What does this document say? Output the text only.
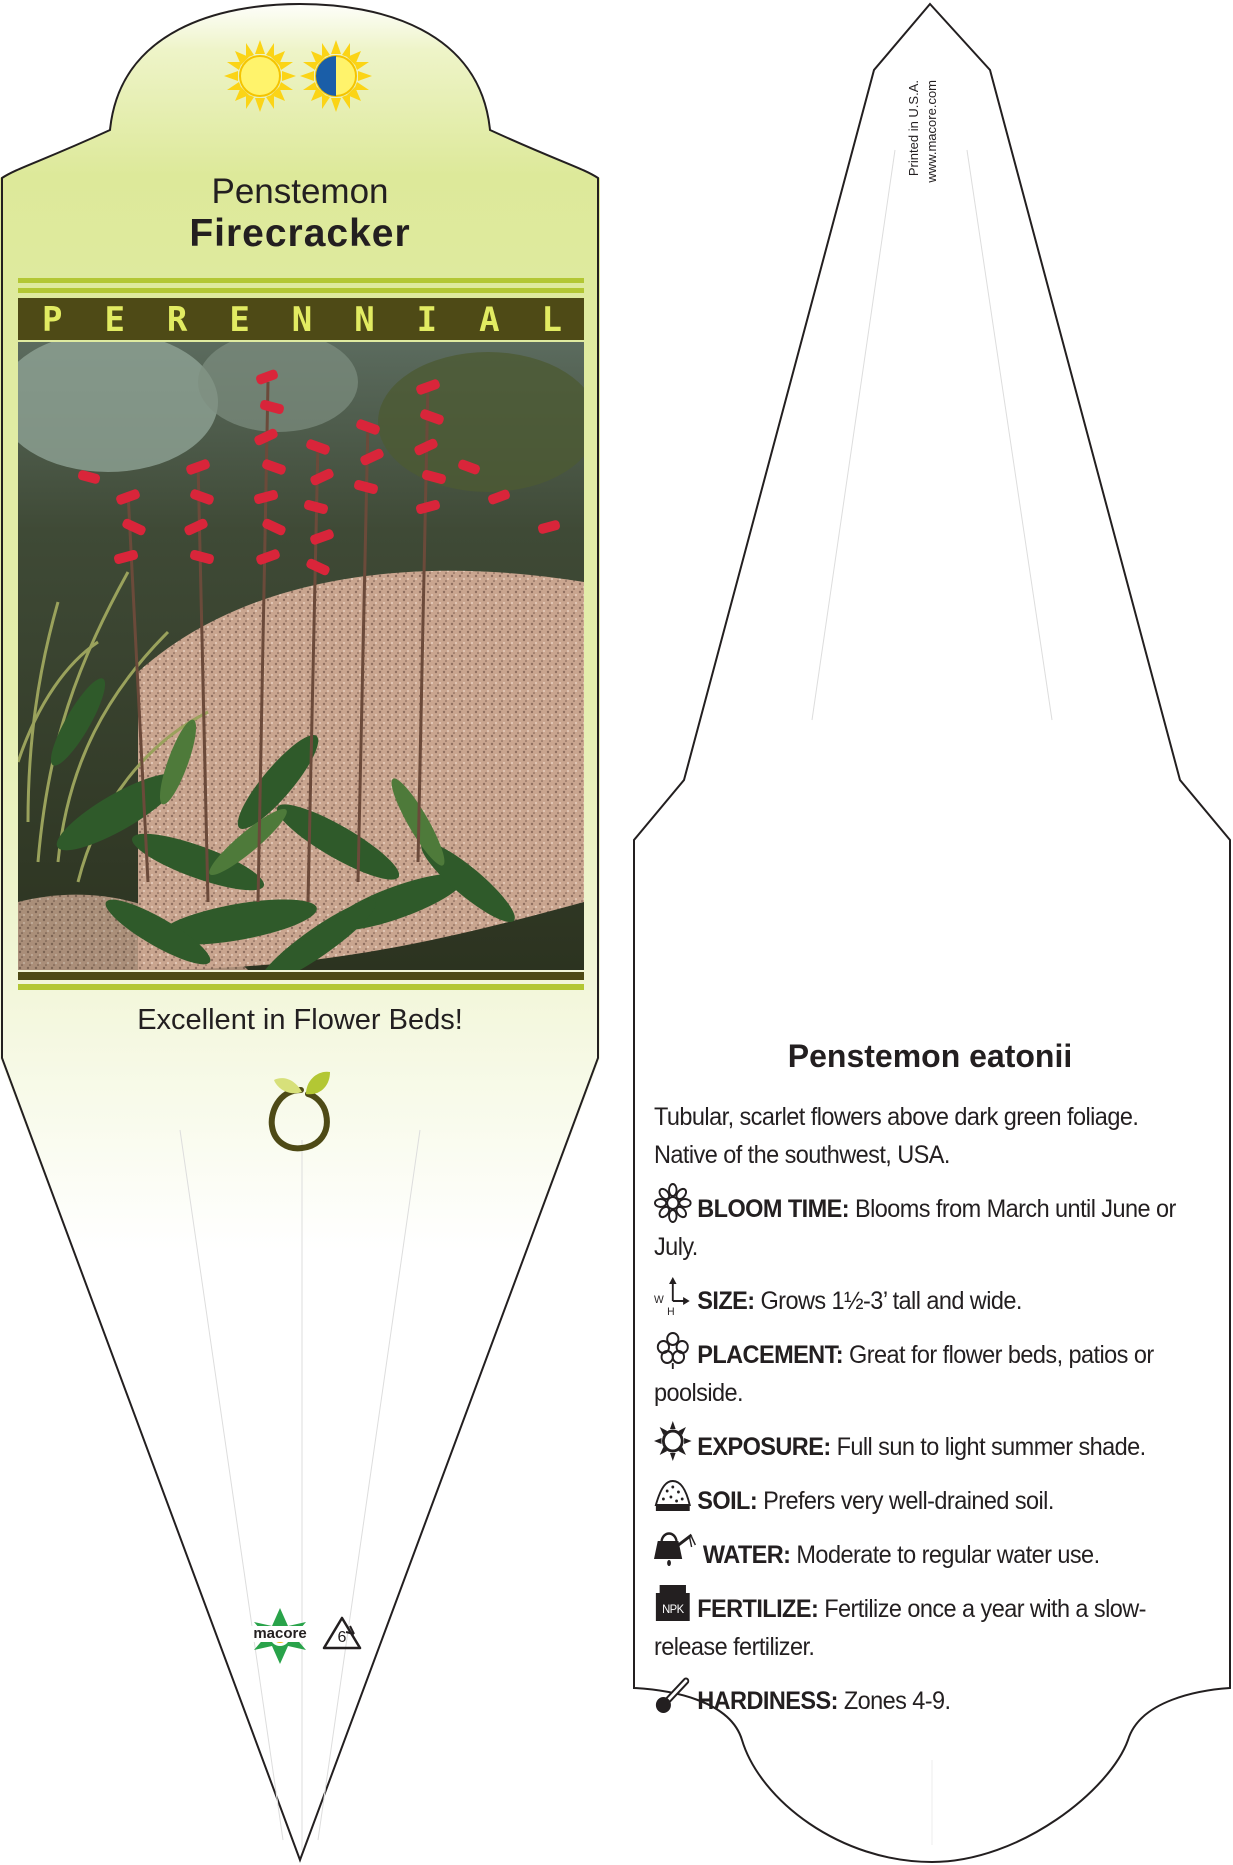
Penstemon
Firecracker
P E R E N N I A L
Excellent in Flower Beds!
macore	6
Printed in U.S.A. www.macore.com
Penstemon eatonii
Tubular, scarlet flowers above dark green foliage. Native of the southwest, USA.
BLOOM TIME: Blooms from March until June or July.
W
H SIZE: Grows 1½-3’ tall and wide.
PLACEMENT: Great for flower beds, patios or poolside.
EXPOSURE: Full sun to light summer shade.
SOIL: Prefers very well-drained soil.
WATER: Moderate to regular water use.
NPK FERTILIZE: Fertilize once a year with a slow-release fertilizer.
HARDINESS: Zones 4-9.
